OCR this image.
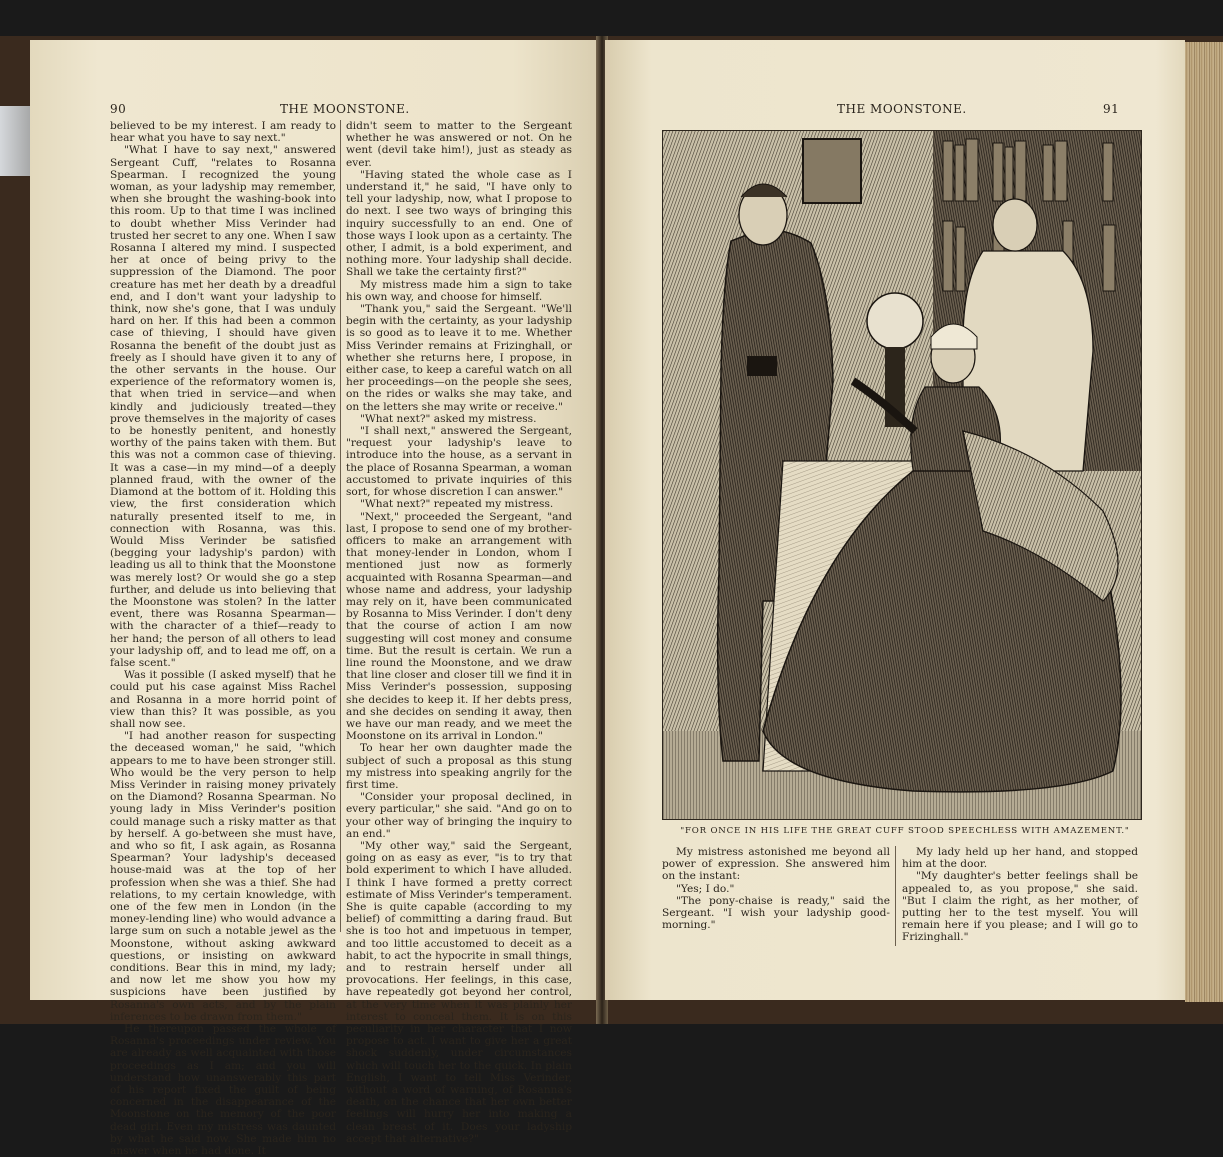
90	THE MOONSTONE.

believed to be my interest. I am ready to hear what you have to say next."

"What I have to say next," answered Sergeant Cuff, "relates to Rosanna Spearman. I recognized the young woman, as your ladyship may remember, when she brought the washing-book into this room. Up to that time I was inclined to doubt whether Miss Verinder had trusted her secret to any one. When I saw Rosanna I altered my mind. I suspected her at once of being privy to the suppression of the Diamond. The poor creature has met her death by a dreadful end, and I don't want your ladyship to think, now she's gone, that I was unduly hard on her. If this had been a common case of thieving, I should have given Rosanna the benefit of the doubt just as freely as I should have given it to any of the other servants in the house. Our experience of the reformatory women is, that when tried in service—and when kindly and judiciously treated—they prove themselves in the majority of cases to be honestly penitent, and honestly worthy of the pains taken with them. But this was not a common case of thieving. It was a case—in my mind—of a deeply planned fraud, with the owner of the Diamond at the bottom of it. Holding this view, the first consideration which naturally presented itself to me, in connection with Rosanna, was this. Would Miss Verinder be satisfied (begging your ladyship's pardon) with leading us all to think that the Moonstone was merely lost? Or would she go a step further, and delude us into believing that the Moonstone was stolen? In the latter event, there was Rosanna Spearman—with the character of a thief—ready to her hand; the person of all others to lead your ladyship off, and to lead me off, on a false scent."

Was it possible (I asked myself) that he could put his case against Miss Rachel and Rosanna in a more horrid point of view than this? It was possible, as you shall now see.

"I had another reason for suspecting the deceased woman," he said, "which appears to me to have been stronger still. Who would be the very person to help Miss Verinder in raising money privately on the Diamond? Rosanna Spearman. No young lady in Miss Verinder's position could manage such a risky matter as that by herself. A go-between she must have, and who so fit, I ask again, as Rosanna Spearman? Your ladyship's deceased house-maid was at the top of her profession when she was a thief. She had relations, to my certain knowledge, with one of the few men in London (in the money-lending line) who would advance a large sum on such a notable jewel as the Moonstone, without asking awkward questions, or insisting on awkward conditions. Bear this in mind, my lady; and now let me show you how my suspicions have been justified by Rosanna's own acts, and by the plain inferences to be drawn from them."

He thereupon passed the whole of Rosanna's proceedings under review. You are already as well acquainted with those proceedings as I am; and you will understand how unanswerably this part of his report fixed the guilt of being concerned in the disappearance of the Moonstone on the memory of the poor dead girl. Even my mistress was daunted by what he said now. She made him no answer when he had done. It

didn't seem to matter to the Sergeant whether he was answered or not. On he went (devil take him!), just as steady as ever.

"Having stated the whole case as I understand it," he said, "I have only to tell your ladyship, now, what I propose to do next. I see two ways of bringing this inquiry successfully to an end. One of those ways I look upon as a certainty. The other, I admit, is a bold experiment, and nothing more. Your ladyship shall decide. Shall we take the certainty first?"

My mistress made him a sign to take his own way, and choose for himself.

"Thank you," said the Sergeant. "We'll begin with the certainty, as your ladyship is so good as to leave it to me. Whether Miss Verinder remains at Frizinghall, or whether she returns here, I propose, in either case, to keep a careful watch on all her proceedings—on the people she sees, on the rides or walks she may take, and on the letters she may write or receive."

"What next?" asked my mistress.

"I shall next," answered the Sergeant, "request your ladyship's leave to introduce into the house, as a servant in the place of Rosanna Spearman, a woman accustomed to private inquiries of this sort, for whose discretion I can answer."

"What next?" repeated my mistress.

"Next," proceeded the Sergeant, "and last, I propose to send one of my brother-officers to make an arrangement with that money-lender in London, whom I mentioned just now as formerly acquainted with Rosanna Spearman—and whose name and address, your ladyship may rely on it, have been communicated by Rosanna to Miss Verinder. I don't deny that the course of action I am now suggesting will cost money and consume time. But the result is certain. We run a line round the Moonstone, and we draw that line closer and closer till we find it in Miss Verinder's possession, supposing she decides to keep it. If her debts press, and she decides on sending it away, then we have our man ready, and we meet the Moonstone on its arrival in London."

To hear her own daughter made the subject of such a proposal as this stung my mistress into speaking angrily for the first time.

"Consider your proposal declined, in every particular," she said. "And go on to your other way of bringing the inquiry to an end."

"My other way," said the Sergeant, going on as easy as ever, "is to try that bold experiment to which I have alluded. I think I have formed a pretty correct estimate of Miss Verinder's temperament. She is quite capable (according to my belief) of committing a daring fraud. But she is too hot and impetuous in temper, and too little accustomed to deceit as a habit, to act the hypocrite in small things, and to restrain herself under all provocations. Her feelings, in this case, have repeatedly got beyond her control, at the very time when it was plainly her interest to conceal them. It is on this peculiarity in her character that I now propose to act. I want to give her a great shock suddenly, under circumstances which will touch her to the quick. In plain English, I want to tell Miss Verinder, without a word of warning, of Rosanna's death, on the chance that her own better feelings will hurry her into making a clean breast of it. Does your ladyship accept that alternative?"

THE MOONSTONE.	91
"FOR ONCE IN HIS LIFE THE GREAT CUFF STOOD SPEECHLESS WITH AMAZEMENT."

My mistress astonished me beyond all power of expression. She answered him on the instant:

"Yes; I do."

"The pony-chaise is ready," said the Sergeant. "I wish your ladyship good-morning."

My lady held up her hand, and stopped him at the door.

"My daughter's better feelings shall be appealed to, as you propose," she said. "But I claim the right, as her mother, of putting her to the test myself. You will remain here if you please; and I will go to Frizinghall."
